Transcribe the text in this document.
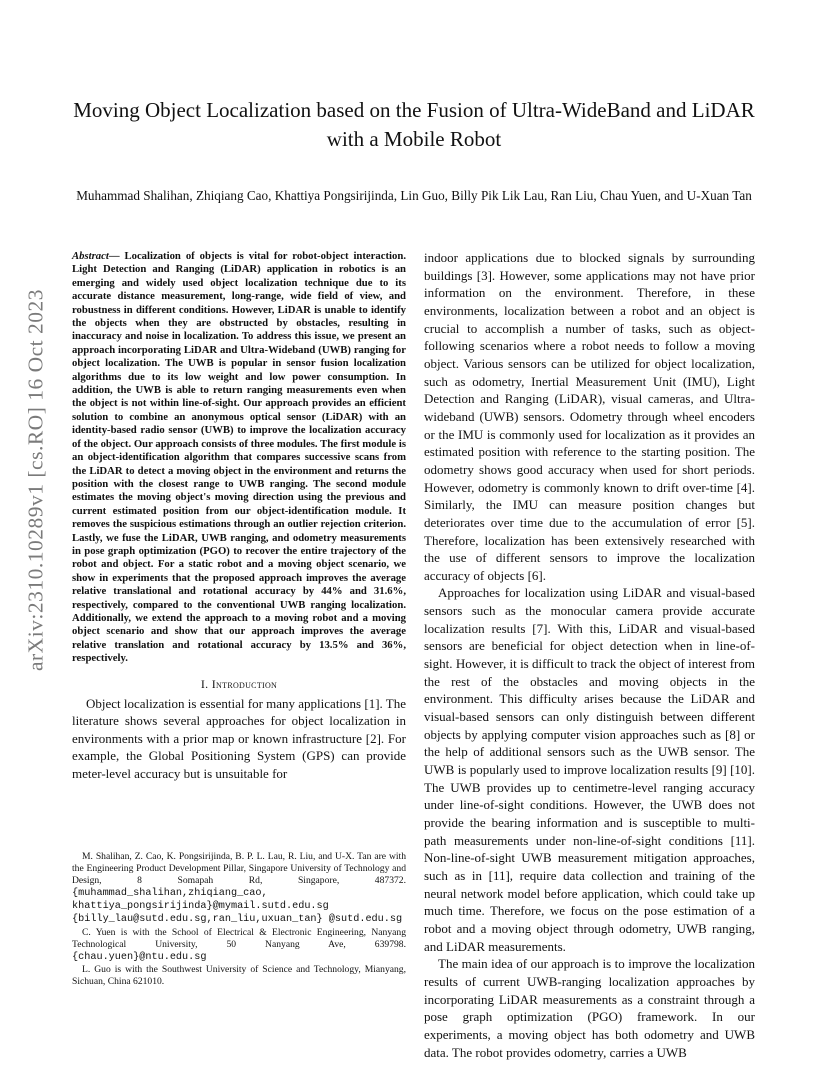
arXiv:2310.10289v1 [cs.RO] 16 Oct 2023
Moving Object Localization based on the Fusion of Ultra-WideBand and LiDAR with a Mobile Robot
Muhammad Shalihan, Zhiqiang Cao, Khattiya Pongsirijinda, Lin Guo, Billy Pik Lik Lau, Ran Liu, Chau Yuen, and U-Xuan Tan

Abstract— Localization of objects is vital for robot-object interaction. Light Detection and Ranging (LiDAR) application in robotics is an emerging and widely used object localization technique due to its accurate distance measurement, long-range, wide field of view, and robustness in different conditions. However, LiDAR is unable to identify the objects when they are obstructed by obstacles, resulting in inaccuracy and noise in localization. To address this issue, we present an approach incorporating LiDAR and Ultra-Wideband (UWB) ranging for object localization. The UWB is popular in sensor fusion localization algorithms due to its low weight and low power consumption. In addition, the UWB is able to return ranging measurements even when the object is not within line-of-sight. Our approach provides an efficient solution to combine an anonymous optical sensor (LiDAR) with an identity-based radio sensor (UWB) to improve the localization accuracy of the object. Our approach consists of three modules. The first module is an object-identification algorithm that compares successive scans from the LiDAR to detect a moving object in the environment and returns the position with the closest range to UWB ranging. The second module estimates the moving object's moving direction using the previous and current estimated position from our object-identification module. It removes the suspicious estimations through an outlier rejection criterion. Lastly, we fuse the LiDAR, UWB ranging, and odometry measurements in pose graph optimization (PGO) to recover the entire trajectory of the robot and object. For a static robot and a moving object scenario, we show in experiments that the proposed approach improves the average relative translational and rotational accuracy by 44% and 31.6%, respectively, compared to the conventional UWB ranging localization. Additionally, we extend the approach to a moving robot and a moving object scenario and show that our approach improves the average relative translation and rotational accuracy by 13.5% and 36%, respectively.

I. Introduction

Object localization is essential for many applications [1]. The literature shows several approaches for object localization in environments with a prior map or known infrastructure [2]. For example, the Global Positioning System (GPS) can provide meter-level accuracy but is unsuitable for

M. Shalihan, Z. Cao, K. Pongsirijinda, B. P. L. Lau, R. Liu, and U-X. Tan are with the Engineering Product Development Pillar, Singapore University of Technology and Design, 8 Somapah Rd, Singapore, 487372. {muhammad_shalihan,zhiqiang_cao, khattiya_pongsirijinda}@mymail.sutd.edu.sg {billy_lau@sutd.edu.sg,ran_liu,uxuan_tan} @sutd.edu.sg

C. Yuen is with the School of Electrical & Electronic Engineering, Nanyang Technological University, 50 Nanyang Ave, 639798. {chau.yuen}@ntu.edu.sg

L. Guo is with the Southwest University of Science and Technology, Mianyang, Sichuan, China 621010.

indoor applications due to blocked signals by surrounding buildings [3]. However, some applications may not have prior information on the environment. Therefore, in these environments, localization between a robot and an object is crucial to accomplish a number of tasks, such as object-following scenarios where a robot needs to follow a moving object. Various sensors can be utilized for object localization, such as odometry, Inertial Measurement Unit (IMU), Light Detection and Ranging (LiDAR), visual cameras, and Ultra-wideband (UWB) sensors. Odometry through wheel encoders or the IMU is commonly used for localization as it provides an estimated position with reference to the starting position. The odometry shows good accuracy when used for short periods. However, odometry is commonly known to drift over-time [4]. Similarly, the IMU can measure position changes but deteriorates over time due to the accumulation of error [5]. Therefore, localization has been extensively researched with the use of different sensors to improve the localization accuracy of objects [6].

Approaches for localization using LiDAR and visual-based sensors such as the monocular camera provide accurate localization results [7]. With this, LiDAR and visual-based sensors are beneficial for object detection when in line-of-sight. However, it is difficult to track the object of interest from the rest of the obstacles and moving objects in the environment. This difficulty arises because the LiDAR and visual-based sensors can only distinguish between different objects by applying computer vision approaches such as [8] or the help of additional sensors such as the UWB sensor. The UWB is popularly used to improve localization results [9] [10]. The UWB provides up to centimetre-level ranging accuracy under line-of-sight conditions. However, the UWB does not provide the bearing information and is susceptible to multi-path measurements under non-line-of-sight conditions [11]. Non-line-of-sight UWB measurement mitigation approaches, such as in [11], require data collection and training of the neural network model before application, which could take up much time. Therefore, we focus on the pose estimation of a robot and a moving object through odometry, UWB ranging, and LiDAR measurements.

The main idea of our approach is to improve the localization results of current UWB-ranging localization approaches by incorporating LiDAR measurements as a constraint through a pose graph optimization (PGO) framework. In our experiments, a moving object has both odometry and UWB data. The robot provides odometry, carries a UWB
